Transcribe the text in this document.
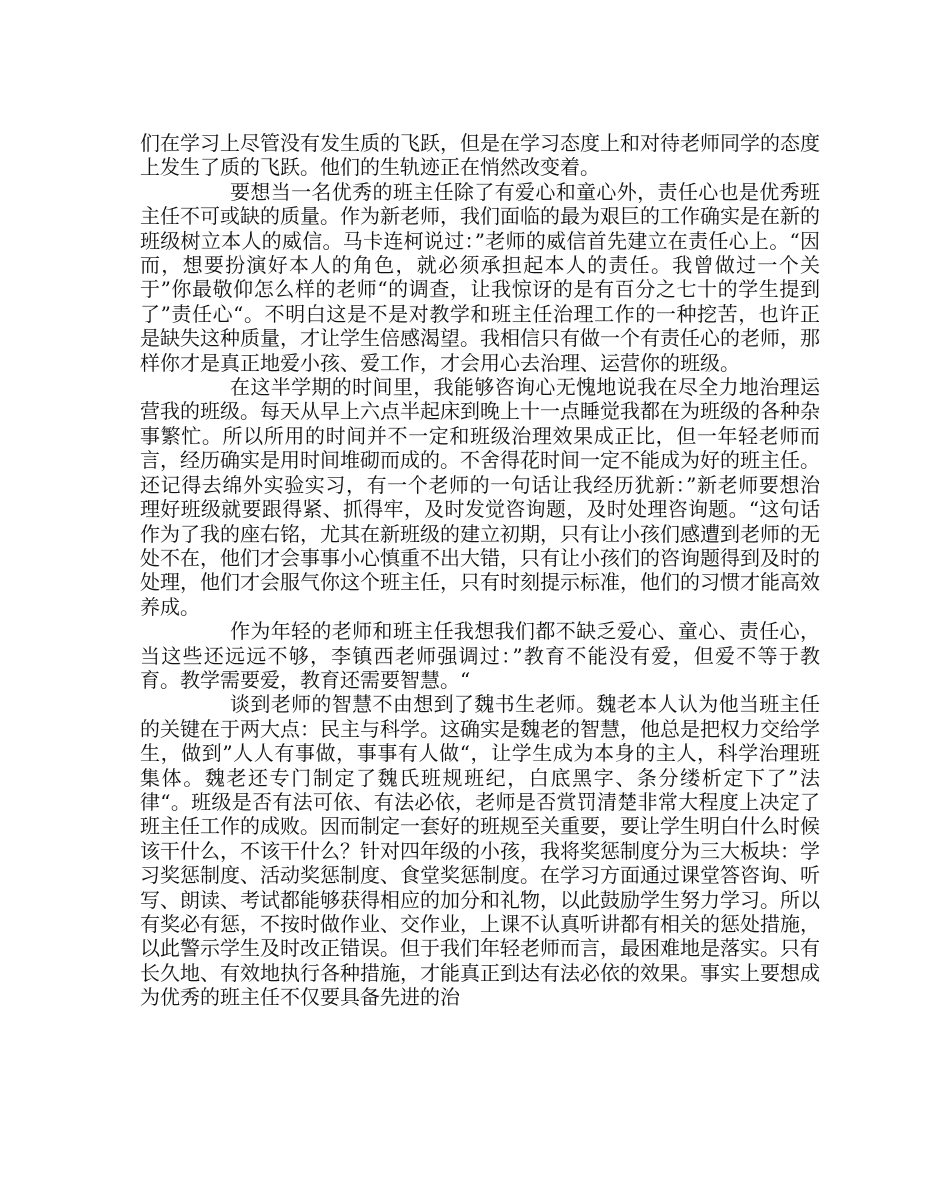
们在学习上尽管没有发生质的飞跃，但是在学习态度上和对待老师同学的态度上发生了质的飞跃。他们的生轨迹正在悄然改变着。

要想当一名优秀的班主任除了有爱心和童心外，责任心也是优秀班主任不可或缺的质量。作为新老师，我们面临的最为艰巨的工作确实是在新的班级树立本人的威信。马卡连柯说过：”老师的威信首先建立在责任心上。“因而，想要扮演好本人的角色，就必须承担起本人的责任。我曾做过一个关于”你最敬仰怎么样的老师“的调查，让我惊讶的是有百分之七十的学生提到了”责任心“。不明白这是不是对教学和班主任治理工作的一种挖苦，也许正是缺失这种质量，才让学生倍感渴望。我相信只有做一个有责任心的老师，那样你才是真正地爱小孩、爱工作，才会用心去治理、运营你的班级。

在这半学期的时间里，我能够咨询心无愧地说我在尽全力地治理运营我的班级。每天从早上六点半起床到晚上十一点睡觉我都在为班级的各种杂事繁忙。所以所用的时间并不一定和班级治理效果成正比，但一年轻老师而言，经历确实是用时间堆砌而成的。不舍得花时间一定不能成为好的班主任。还记得去绵外实验实习，有一个老师的一句话让我经历犹新：”新老师要想治理好班级就要跟得紧、抓得牢，及时发觉咨询题，及时处理咨询题。“这句话作为了我的座右铭，尤其在新班级的建立初期，只有让小孩们感遭到老师的无处不在，他们才会事事小心慎重不出大错，只有让小孩们的咨询题得到及时的处理，他们才会服气你这个班主任，只有时刻提示标准，他们的习惯才能高效养成。

作为年轻的老师和班主任我想我们都不缺乏爱心、童心、责任心，当这些还远远不够，李镇西老师强调过：”教育不能没有爱，但爱不等于教育。教学需要爱，教育还需要智慧。“

谈到老师的智慧不由想到了魏书生老师。魏老本人认为他当班主任的关键在于两大点：民主与科学。这确实是魏老的智慧，他总是把权力交给学生，做到”人人有事做，事事有人做“，让学生成为本身的主人，科学治理班集体。魏老还专门制定了魏氏班规班纪，白底黑字、条分缕析定下了”法律“。班级是否有法可依、有法必依，老师是否赏罚清楚非常大程度上决定了班主任工作的成败。因而制定一套好的班规至关重要，要让学生明白什么时候该干什么，不该干什么？针对四年级的小孩，我将奖惩制度分为三大板块：学习奖惩制度、活动奖惩制度、食堂奖惩制度。在学习方面通过课堂答咨询、听写、朗读、考试都能够获得相应的加分和礼物，以此鼓励学生努力学习。所以有奖必有惩，不按时做作业、交作业，上课不认真听讲都有相关的惩处措施，以此警示学生及时改正错误。但于我们年轻老师而言，最困难地是落实。只有长久地、有效地执行各种措施，才能真正到达有法必依的效果。事实上要想成为优秀的班主任不仅要具备先进的治
